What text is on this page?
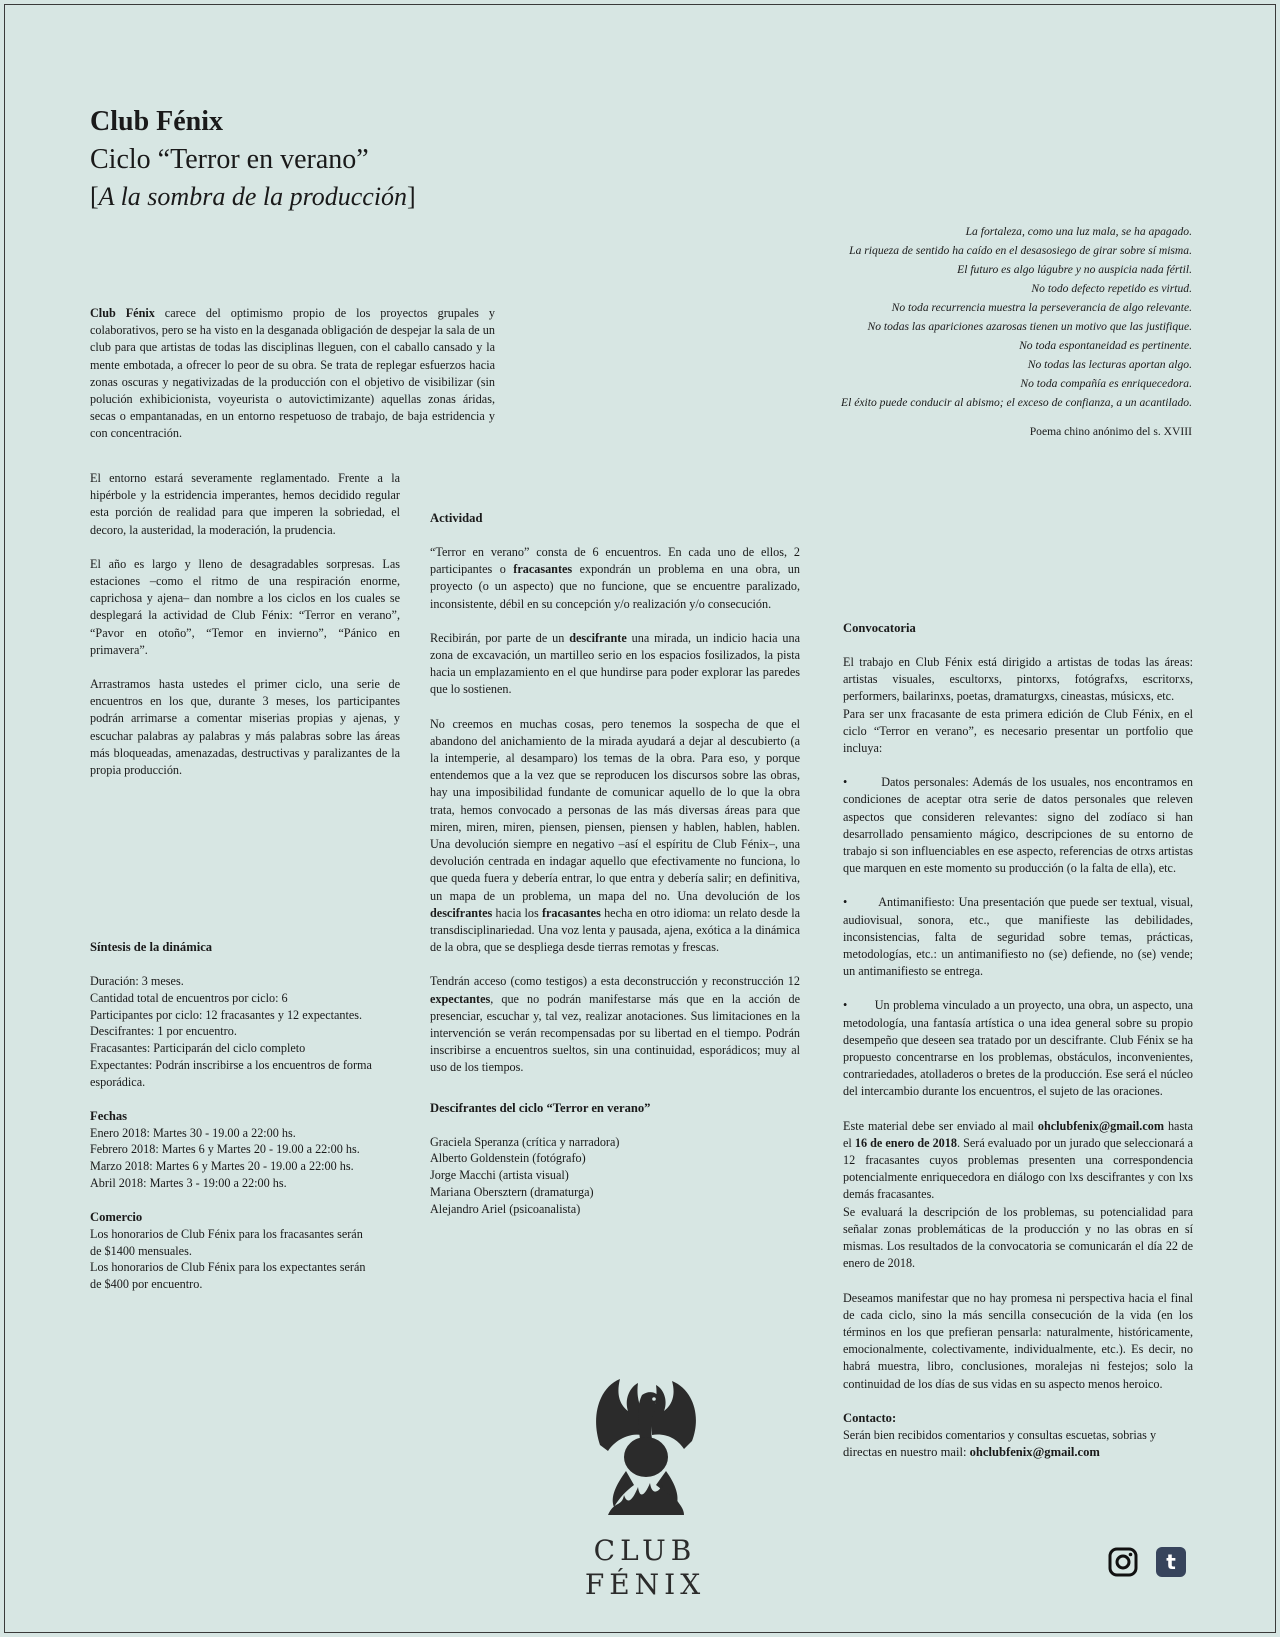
Club Fénix
Ciclo “Terror en verano”
[A la sombra de la producción]
La fortaleza, como una luz mala, se ha apagado.
La riqueza de sentido ha caído en el desasosiego de girar sobre sí misma.
El futuro es algo lúgubre y no auspicia nada fértil.
No todo defecto repetido es virtud.
No toda recurrencia muestra la perseverancia de algo relevante.
No todas las apariciones azarosas tienen un motivo que las justifique.
No toda espontaneidad es pertinente.
No todas las lecturas aportan algo.
No toda compañía es enriquecedora.
El éxito puede conducir al abismo; el exceso de confianza, a un acantilado.
Poema chino anónimo del s. XVIII

Club Fénix carece del optimismo propio de los proyectos grupales y colaborativos, pero se ha visto en la desganada obligación de despejar la sala de un club para que artistas de todas las disciplinas lleguen, con el caballo cansado y la mente embotada, a ofrecer lo peor de su obra. Se trata de replegar esfuerzos hacia zonas oscuras y negativizadas de la producción con el objetivo de visibilizar (sin polución exhibicionista, voyeurista o autovictimizante) aquellas zonas áridas, secas o empantanadas, en un entorno respetuoso de trabajo, de baja estridencia y con concentración.

El entorno estará severamente reglamentado. Frente a la hipérbole y la estridencia imperantes, hemos decidido regular esta porción de realidad para que imperen la sobriedad, el decoro, la austeridad, la moderación, la prudencia.

El año es largo y lleno de desagradables sorpresas. Las estaciones –como el ritmo de una respiración enorme, caprichosa y ajena– dan nombre a los ciclos en los cuales se desplegará la actividad de Club Fénix: “Terror en verano”, “Pavor en otoño”, “Temor en invierno”, “Pánico en primavera”.

Arrastramos hasta ustedes el primer ciclo, una serie de encuentros en los que, durante 3 meses, los participantes podrán arrimarse a comentar miserias propias y ajenas, y escuchar palabras ay palabras y más palabras sobre las áreas más bloqueadas, amenazadas, destructivas y paralizantes de la propia producción.

Síntesis de la dinámica
Duración: 3 meses.
Cantidad total de encuentros por ciclo: 6
Participantes por ciclo: 12 fracasantes y 12 expectantes.
Descifrantes: 1 por encuentro.
Fracasantes: Participarán del ciclo completo
Expectantes: Podrán inscribirse a los encuentros de forma
esporádica.
Fechas
Enero 2018: Martes 30 - 19.00 a 22:00 hs.
Febrero 2018: Martes 6 y Martes 20 - 19.00 a 22:00 hs.
Marzo 2018: Martes 6 y Martes 20 - 19.00 a 22:00 hs.
Abril 2018: Martes 3 - 19:00 a 22:00 hs.
Comercio
Los honorarios de Club Fénix para los fracasantes serán
de $1400 mensuales.
Los honorarios de Club Fénix para los expectantes serán
de $400 por encuentro.
Actividad

“Terror en verano” consta de 6 encuentros. En cada uno de ellos, 2 participantes o fracasantes expondrán un problema en una obra, un proyecto (o un aspecto) que no funcione, que se encuentre paralizado, inconsistente, débil en su concepción y/o realización y/o consecución.

Recibirán, por parte de un descifrante una mirada, un indicio hacia una zona de excavación, un martilleo serio en los espacios fosilizados, la pista hacia un emplazamiento en el que hundirse para poder explorar las paredes que lo sostienen.

No creemos en muchas cosas, pero tenemos la sospecha de que el abandono del anichamiento de la mirada ayudará a dejar al descubierto (a la intemperie, al desamparo) los temas de la obra. Para eso, y porque entendemos que a la vez que se reproducen los discursos sobre las obras, hay una imposibilidad fundante de comunicar aquello de lo que la obra trata, hemos convocado a personas de las más diversas áreas para que miren, miren, miren, piensen, piensen, piensen y hablen, hablen, hablen. Una devolución siempre en negativo –así el espíritu de Club Fénix–, una devolución centrada en indagar aquello que efectivamente no funciona, lo que queda fuera y debería entrar, lo que entra y debería salir; en definitiva, un mapa de un problema, un mapa del no. Una devolución de los descifrantes hacia los fracasantes hecha en otro idioma: un relato desde la transdisciplinariedad. Una voz lenta y pausada, ajena, exótica a la dinámica de la obra, que se despliega desde tierras remotas y frescas.

Tendrán acceso (como testigos) a esta deconstrucción y reconstrucción 12 expectantes, que no podrán manifestarse más que en la acción de presenciar, escuchar y, tal vez, realizar anotaciones. Sus limitaciones en la intervención se verán recompensadas por su libertad en el tiempo. Podrán inscribirse a encuentros sueltos, sin una continuidad, esporádicos; muy al uso de los tiempos.

Descifrantes del ciclo “Terror en verano”
Graciela Speranza (crítica y narradora)
Alberto Goldenstein (fotógrafo)
Jorge Macchi (artista visual)
Mariana Obersztern (dramaturga)
Alejandro Ariel (psicoanalista)
Convocatoria
El trabajo en Club Fénix está dirigido a artistas de todas las áreas: artistas visuales, escultorxs, pintorxs, fotógrafxs, escritorxs, performers, bailarinxs, poetas, dramaturgxs, cineastas, músicxs, etc.

Para ser unx fracasante de esta primera edición de Club Fénix, en el ciclo “Terror en verano”, es necesario presentar un portfolio que incluya:

•	Datos personales: Además de los usuales, nos encontramos en condiciones de aceptar otra serie de datos personales que releven aspectos que consideren relevantes: signo del zodíaco si han desarrollado pensamiento mágico, descripciones de su entorno de trabajo si son influenciables en ese aspecto, referencias de otrxs artistas que marquen en este momento su producción (o la falta de ella), etc.

•	Antimanifiesto: Una presentación que puede ser textual, visual, audiovisual, sonora, etc., que manifieste las debilidades, inconsistencias, falta de seguridad sobre temas, prácticas, metodologías, etc.: un antimanifiesto no (se) defiende, no (se) vende; un antimanifiesto se entrega.

• Un problema vinculado a un proyecto, una obra, un aspecto, una metodología, una fantasía artística o una idea general sobre su propio desempeño que deseen sea tratado por un descifrante. Club Fénix se ha propuesto concentrarse en los problemas, obstáculos, inconvenientes, contrariedades, atolladeros o bretes de la producción. Ese será el núcleo del intercambio durante los encuentros, el sujeto de las oraciones.

Este material debe ser enviado al mail ohclubfenix@gmail.com hasta el 16 de enero de 2018. Será evaluado por un jurado que seleccionará a 12 fracasantes cuyos problemas presenten una correspondencia potencialmente enriquecedora en diálogo con lxs descifrantes y con lxs demás fracasantes.

Se evaluará la descripción de los problemas, su potencialidad para señalar zonas problemáticas de la producción y no las obras en sí mismas. Los resultados de la convocatoria se comunicarán el día 22 de enero de 2018.

Deseamos manifestar que no hay promesa ni perspectiva hacia el final de cada ciclo, sino la más sencilla consecución de la vida (en los términos en los que prefieran pensarla: naturalmente, históricamente, emocionalmente, colectivamente, individualmente, etc.). Es decir, no habrá muestra, libro, conclusiones, moralejas ni festejos; solo la continuidad de los días de sus vidas en su aspecto menos heroico.

Contacto:
Serán bien recibidos comentarios y consultas escuetas, sobrias y
directas en nuestro mail: ohclubfenix@gmail.com
CLUB
FÉNIX
t
